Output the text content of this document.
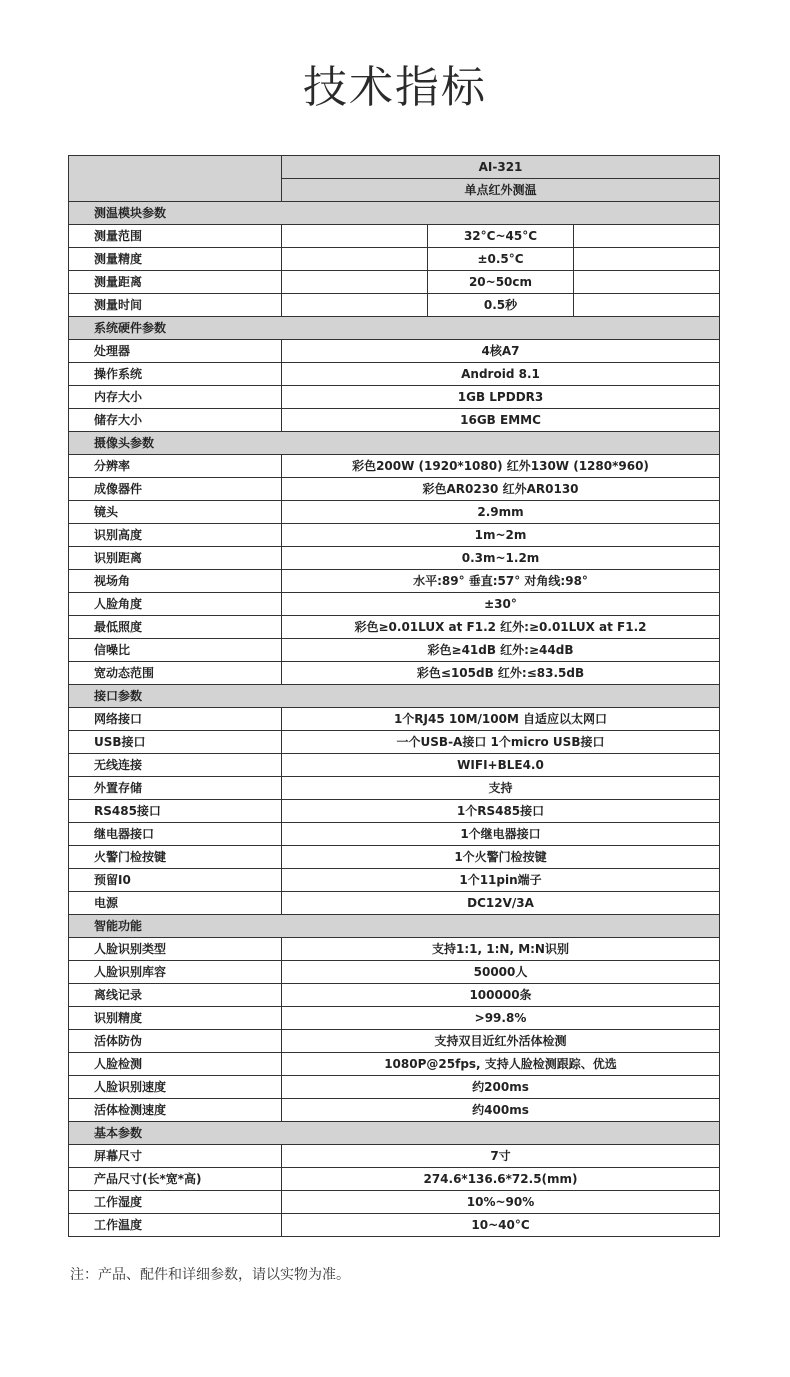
技术指标
	AI-321		
	单点红外测温		
测温模块参数			
测量范围		32°C~45°C	
测量精度		±0.5°C	
测量距离		20~50cm	
测量时间		0.5秒	
系统硬件参数			
处理器	4核A7		
操作系统	Android 8.1		
内存大小	1GB LPDDR3		
储存大小	16GB EMMC		
摄像头参数			
分辨率	彩色200W (1920*1080) 红外130W (1280*960)		
成像器件	彩色AR0230 红外AR0130		
镜头	2.9mm		
识别高度	1m~2m		
识别距离	0.3m~1.2m		
视场角	水平:89° 垂直:57° 对角线:98°		
人脸角度	±30°		
最低照度	彩色≥0.01LUX at F1.2 红外:≥0.01LUX at F1.2		
信噪比	彩色≥41dB 红外:≥44dB		
宽动态范围	彩色≤105dB 红外:≤83.5dB		
接口参数			
网络接口	1个RJ45 10M/100M 自适应以太网口		
USB接口	一个USB-A接口 1个micro USB接口		
无线连接	WIFI+BLE4.0		
外置存储	支持		
RS485接口	1个RS485接口		
继电器接口	1个继电器接口		
火警门检按键	1个火警门检按键		
预留I0	1个11pin端子		
电源	DC12V/3A		
智能功能			
人脸识别类型	支持1:1, 1:N, M:N识别		
人脸识别库容	50000人		
离线记录	100000条		
识别精度	>99.8%		
活体防伪	支持双目近红外活体检测		
人脸检测	1080P@25fps, 支持人脸检测跟踪、优选		
人脸识别速度	约200ms		
活体检测速度	约400ms		
基本参数			
屏幕尺寸	7寸		
产品尺寸(长*宽*高)	274.6*136.6*72.5(mm)		
工作湿度	10%~90%		
工作温度	10~40°C		
注：产品、配件和详细参数，请以实物为准。
